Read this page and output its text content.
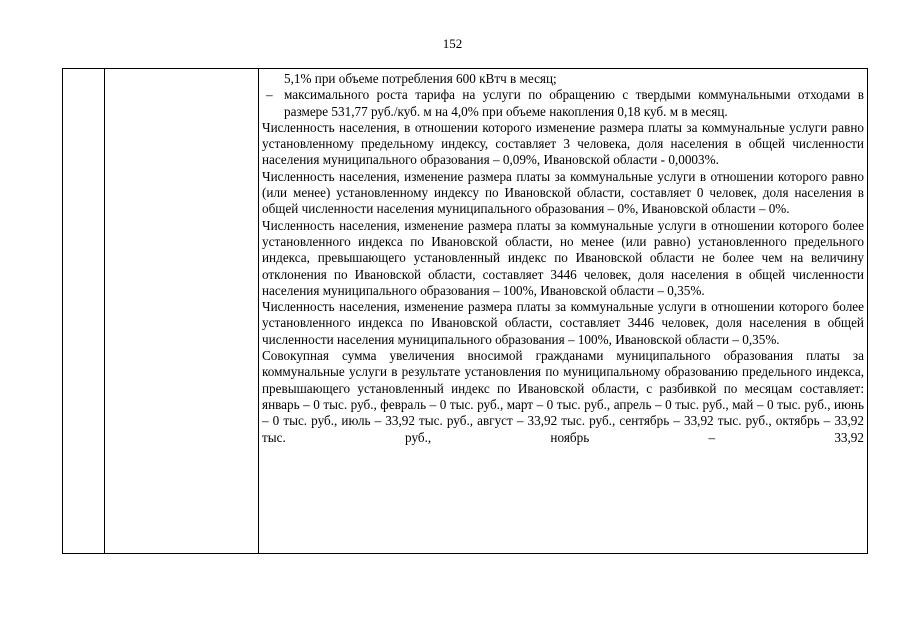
152

5,1% при объеме потребления 600 кВтч в месяц;

– максимального роста тарифа на услуги по обращению с твердыми коммунальными отходами в размере 531,77 руб./куб. м на 4,0% при объеме накопления 0,18 куб. м в месяц.

Численность населения, в отношении которого изменение размера платы за коммунальные услуги равно установленному предельному индексу, составляет 3 человека, доля населения в общей численности населения муниципального образования – 0,09%, Ивановской области - 0,0003%.

Численность населения, изменение размера платы за коммунальные услуги в отношении которого равно (или менее) установленному индексу по Ивановской области, составляет 0 человек, доля населения в общей численности населения муниципального образования – 0%, Ивановской области – 0%.

Численность населения, изменение размера платы за коммунальные услуги в отношении которого более установленного индекса по Ивановской области, но менее (или равно) установленного предельного индекса, превышающего установленный индекс по Ивановской области не более чем на величину отклонения по Ивановской области, составляет 3446 человек, доля населения в общей численности населения муниципального образования – 100%, Ивановской области – 0,35%.

Численность населения, изменение размера платы за коммунальные услуги в отношении которого более установленного индекса по Ивановской области, составляет 3446 человек, доля населения в общей численности населения муниципального образования – 100%, Ивановской области – 0,35%.

Совокупная сумма увеличения вносимой гражданами муниципального образования платы за коммунальные услуги в результате установления по муниципальному образованию предельного индекса, превышающего установленный индекс по Ивановской области, с разбивкой по месяцам составляет: январь – 0 тыс. руб., февраль – 0 тыс. руб., март – 0 тыс. руб., апрель – 0 тыс. руб., май – 0 тыс. руб., июнь – 0 тыс. руб., июль – 33,92 тыс. руб., август – 33,92 тыс. руб., сентябрь – 33,92 тыс. руб., октябрь – 33,92 тыс. руб., ноябрь – 33,92
